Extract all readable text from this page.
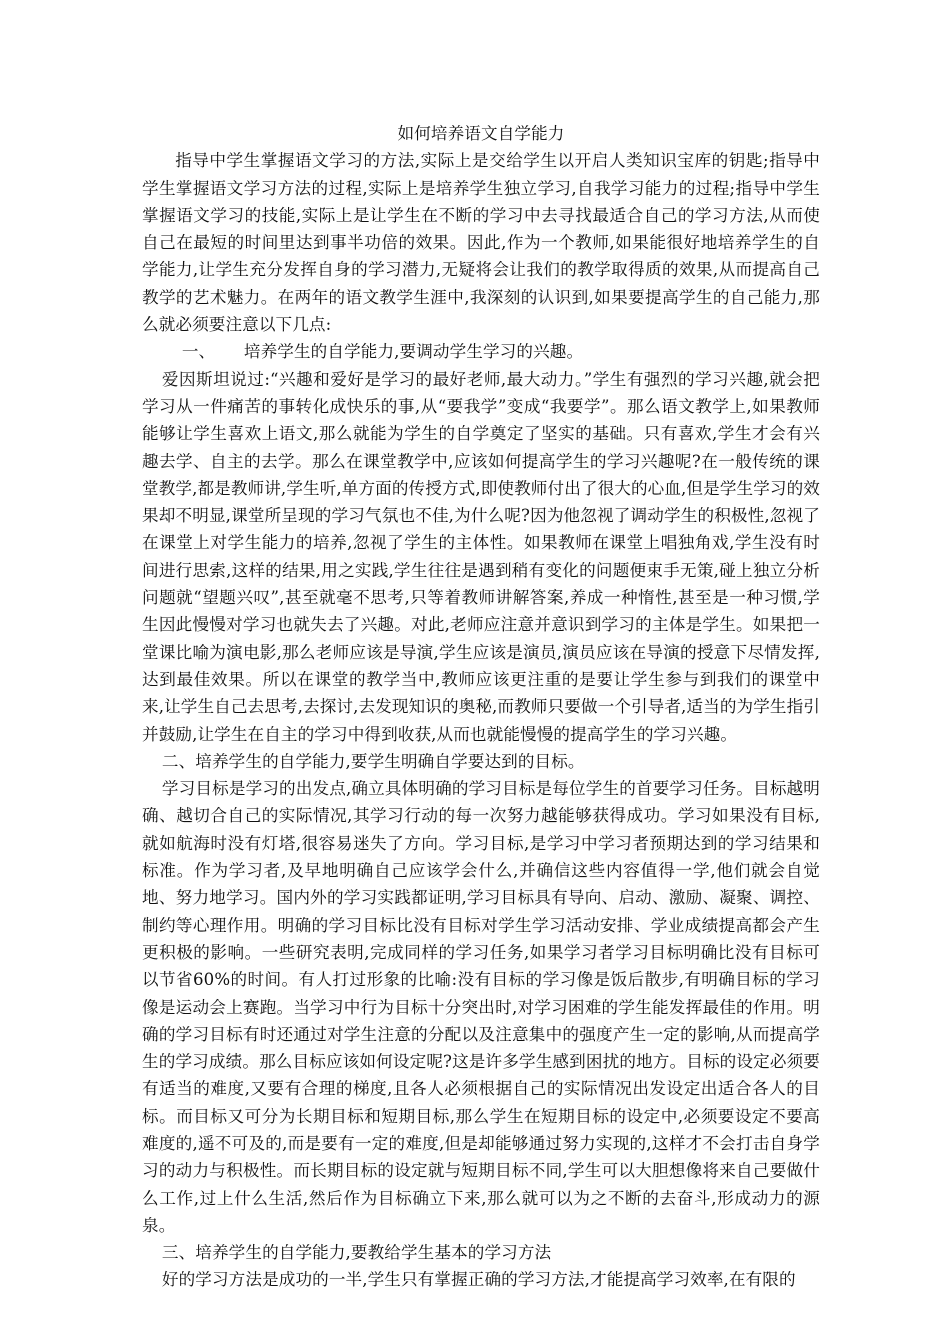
如何培养语文自学能力

指导中学生掌握语文学习的方法,实际上是交给学生以开启人类知识宝库的钥匙;指导中学生掌握语文学习方法的过程,实际上是培养学生独立学习,自我学习能力的过程;指导中学生掌握语文学习的技能,实际上是让学生在不断的学习中去寻找最适合自己的学习方法,从而使自己在最短的时间里达到事半功倍的效果。因此,作为一个教师,如果能很好地培养学生的自学能力,让学生充分发挥自身的学习潜力,无疑将会让我们的教学取得质的效果,从而提高自己教学的艺术魅力。在两年的语文教学生涯中,我深刻的认识到,如果要提高学生的自己能力,那么就必须要注意以下几点:

一、 培养学生的自学能力,要调动学生学习的兴趣。

爱因斯坦说过:“兴趣和爱好是学习的最好老师,最大动力。”学生有强烈的学习兴趣,就会把学习从一件痛苦的事转化成快乐的事,从“要我学”变成“我要学”。那么语文教学上,如果教师能够让学生喜欢上语文,那么就能为学生的自学奠定了坚实的基础。只有喜欢,学生才会有兴趣去学、自主的去学。那么在课堂教学中,应该如何提高学生的学习兴趣呢?在一般传统的课堂教学,都是教师讲,学生听,单方面的传授方式,即使教师付出了很大的心血,但是学生学习的效果却不明显,课堂所呈现的学习气氛也不佳,为什么呢?因为他忽视了调动学生的积极性,忽视了在课堂上对学生能力的培养,忽视了学生的主体性。如果教师在课堂上唱独角戏,学生没有时间进行思索,这样的结果,用之实践,学生往往是遇到稍有变化的问题便束手无策,碰上独立分析问题就“望题兴叹”,甚至就毫不思考,只等着教师讲解答案,养成一种惰性,甚至是一种习惯,学生因此慢慢对学习也就失去了兴趣。对此,老师应注意并意识到学习的主体是学生。如果把一堂课比喻为演电影,那么老师应该是导演,学生应该是演员,演员应该在导演的授意下尽情发挥,达到最佳效果。所以在课堂的教学当中,教师应该更注重的是要让学生参与到我们的课堂中来,让学生自己去思考,去探讨,去发现知识的奥秘,而教师只要做一个引导者,适当的为学生指引并鼓励,让学生在自主的学习中得到收获,从而也就能慢慢的提高学生的学习兴趣。

二、培养学生的自学能力,要学生明确自学要达到的目标。

学习目标是学习的出发点,确立具体明确的学习目标是每位学生的首要学习任务。目标越明确、越切合自己的实际情况,其学习行动的每一次努力越能够获得成功。学习如果没有目标,就如航海时没有灯塔,很容易迷失了方向。学习目标,是学习中学习者预期达到的学习结果和标准。作为学习者,及早地明确自己应该学会什么,并确信这些内容值得一学,他们就会自觉地、努力地学习。国内外的学习实践都证明,学习目标具有导向、启动、激励、凝聚、调控、制约等心理作用。明确的学习目标比没有目标对学生学习活动安排、学业成绩提高都会产生更积极的影响。一些研究表明,完成同样的学习任务,如果学习者学习目标明确比没有目标可以节省60%的时间。有人打过形象的比喻:没有目标的学习像是饭后散步,有明确目标的学习像是运动会上赛跑。当学习中行为目标十分突出时,对学习困难的学生能发挥最佳的作用。明确的学习目标有时还通过对学生注意的分配以及注意集中的强度产生一定的影响,从而提高学生的学习成绩。那么目标应该如何设定呢?这是许多学生感到困扰的地方。目标的设定必须要有适当的难度,又要有合理的梯度,且各人必须根据自己的实际情况出发设定出适合各人的目标。而目标又可分为长期目标和短期目标,那么学生在短期目标的设定中,必须要设定不要高难度的,遥不可及的,而是要有一定的难度,但是却能够通过努力实现的,这样才不会打击自身学习的动力与积极性。而长期目标的设定就与短期目标不同,学生可以大胆想像将来自己要做什么工作,过上什么生活,然后作为目标确立下来,那么就可以为之不断的去奋斗,形成动力的源泉。

三、培养学生的自学能力,要教给学生基本的学习方法

好的学习方法是成功的一半,学生只有掌握正确的学习方法,才能提高学习效率,在有限的
